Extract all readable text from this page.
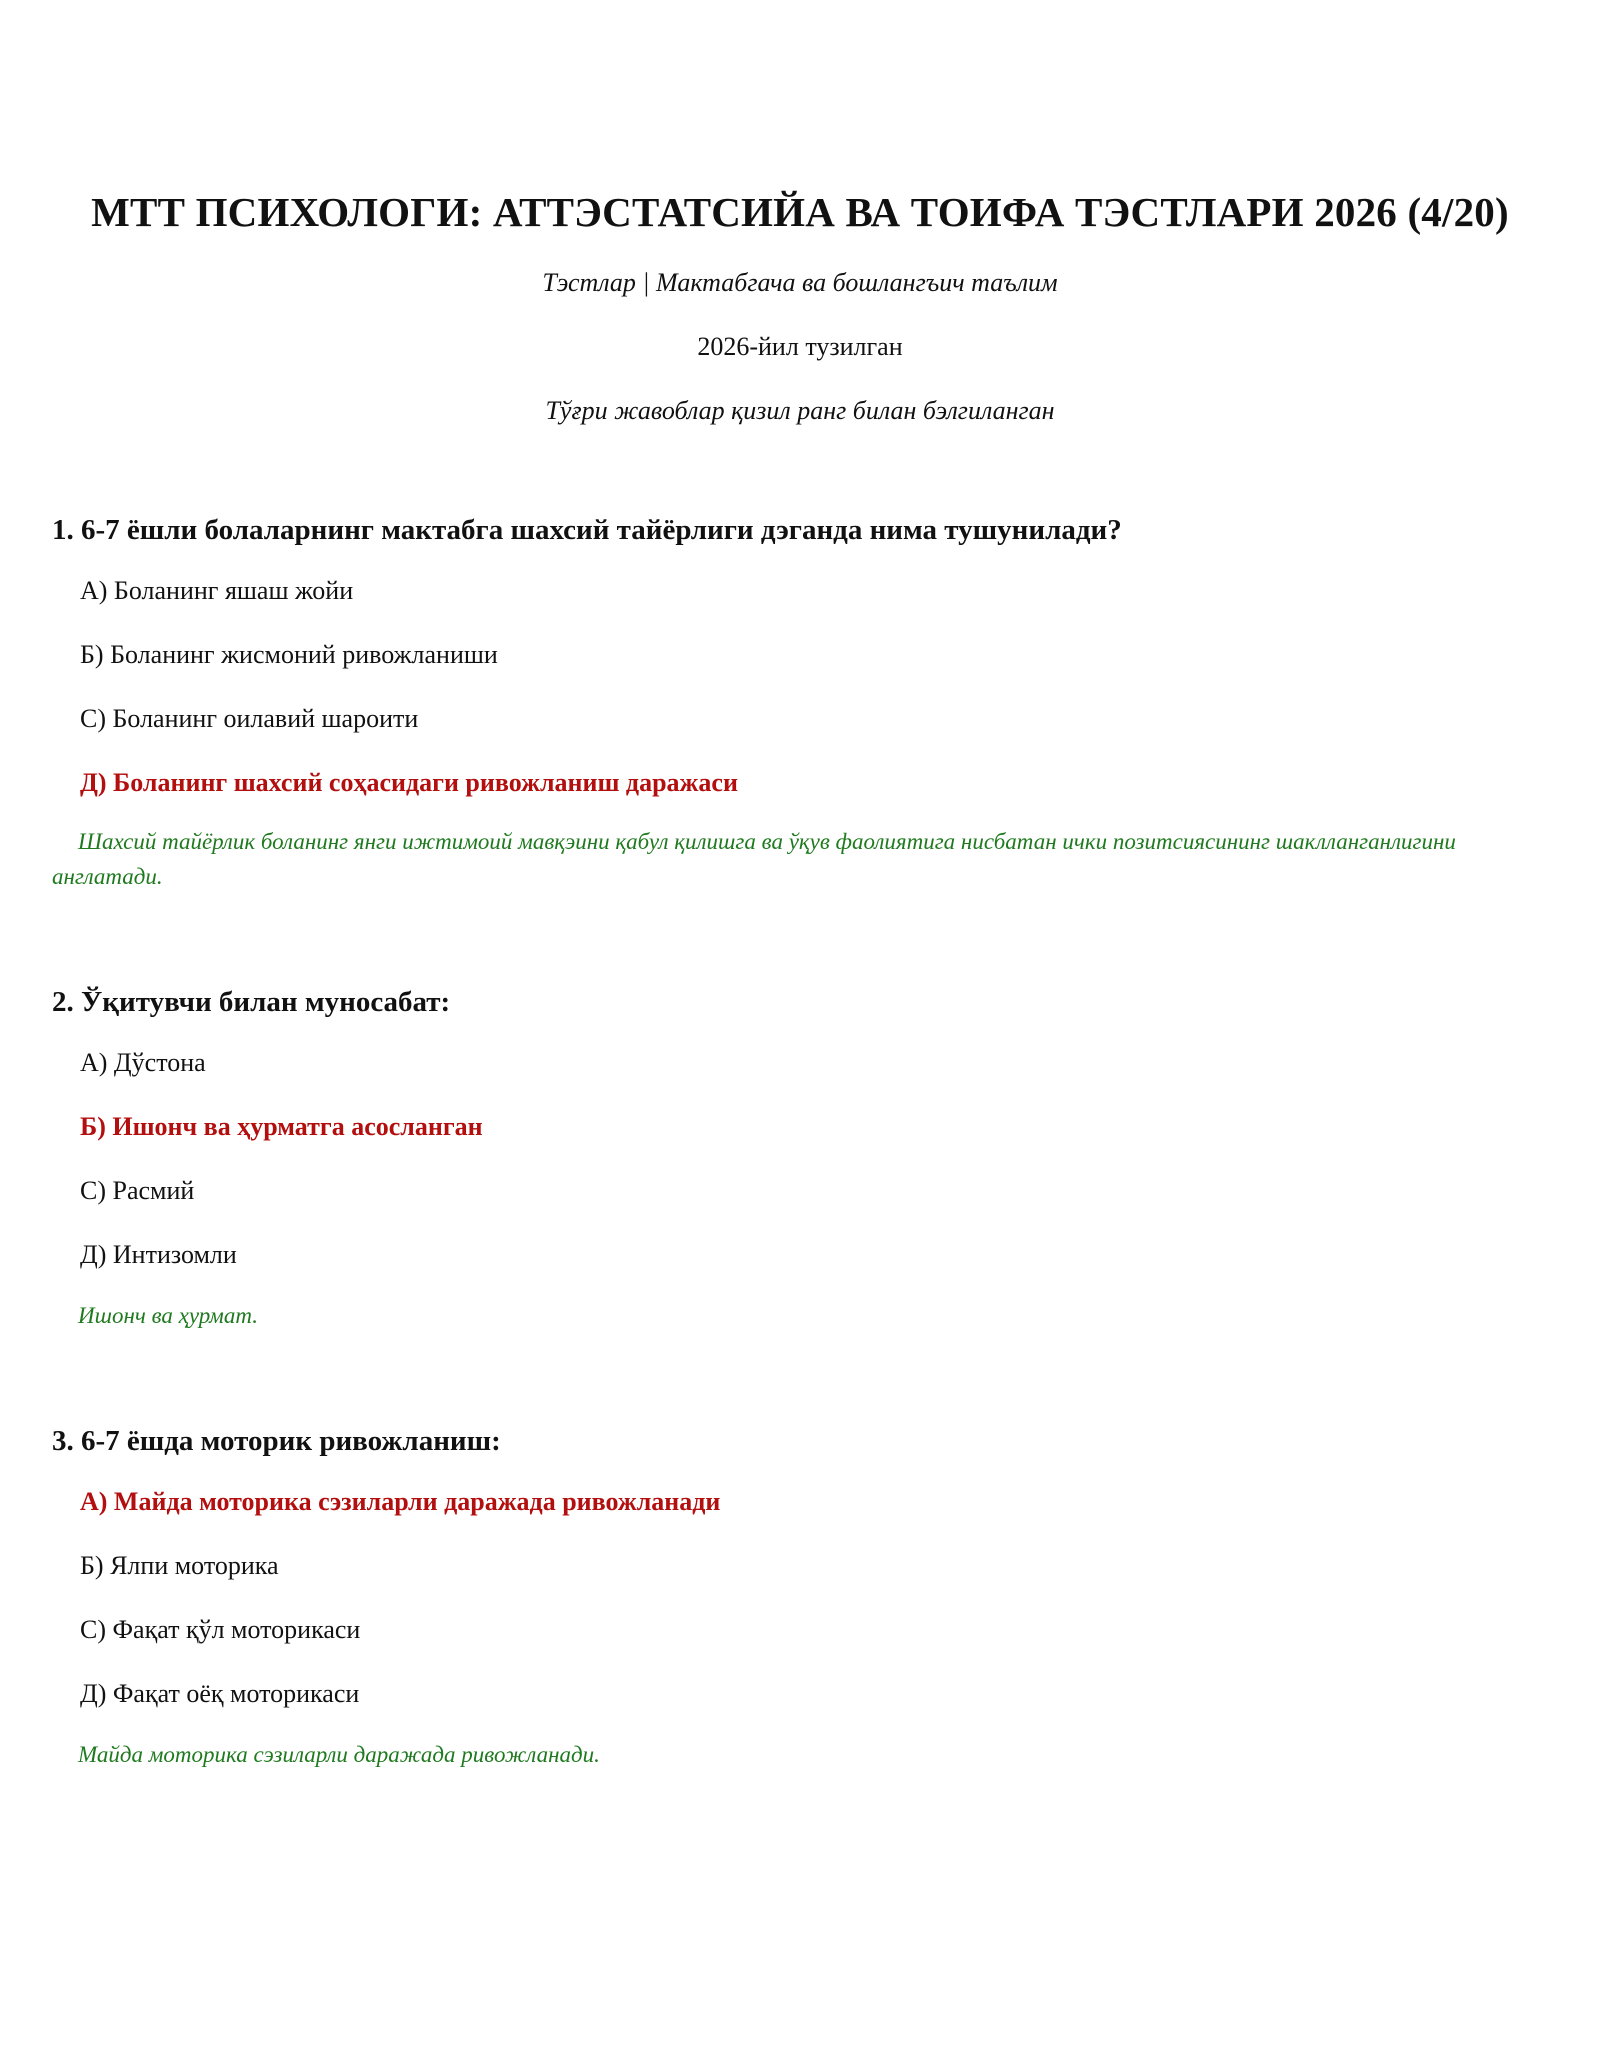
МТТ ПСИХОЛОГИ: АТТЭСТАТСИЙА ВА ТОИФА ТЭСТЛАРИ 2026 (4/20)

Тэстлар | Мактабгача ва бошлангъич таълим

2026-йил тузилган

Тўғри жавоблар қизил ранг билан бэлгиланган

1. 6-7 ёшли болаларнинг мактабга шахсий тайёрлиги дэганда нима тушунилади?

А) Боланинг яшаш жойи

Б) Боланинг жисмоний ривожланиши

С) Боланинг оилавий шароити

Д) Боланинг шахсий соҳасидаги ривожланиш даражаси

Шахсий тайёрлик боланинг янги ижтимоий мавқэини қабул қилишга ва ўқув фаолиятига нисбатан ички позитсиясининг шаклланганлигини англатади.

2. Ўқитувчи билан муносабат:

А) Дўстона

Б) Ишонч ва ҳурматга асосланган

С) Расмий

Д) Интизомли

Ишонч ва ҳурмат.

3. 6-7 ёшда моторик ривожланиш:

А) Майда моторика сэзиларли даражада ривожланади

Б) Ялпи моторика

С) Фақат қўл моторикаси

Д) Фақат оёқ моторикаси

Майда моторика сэзиларли даражада ривожланади.
